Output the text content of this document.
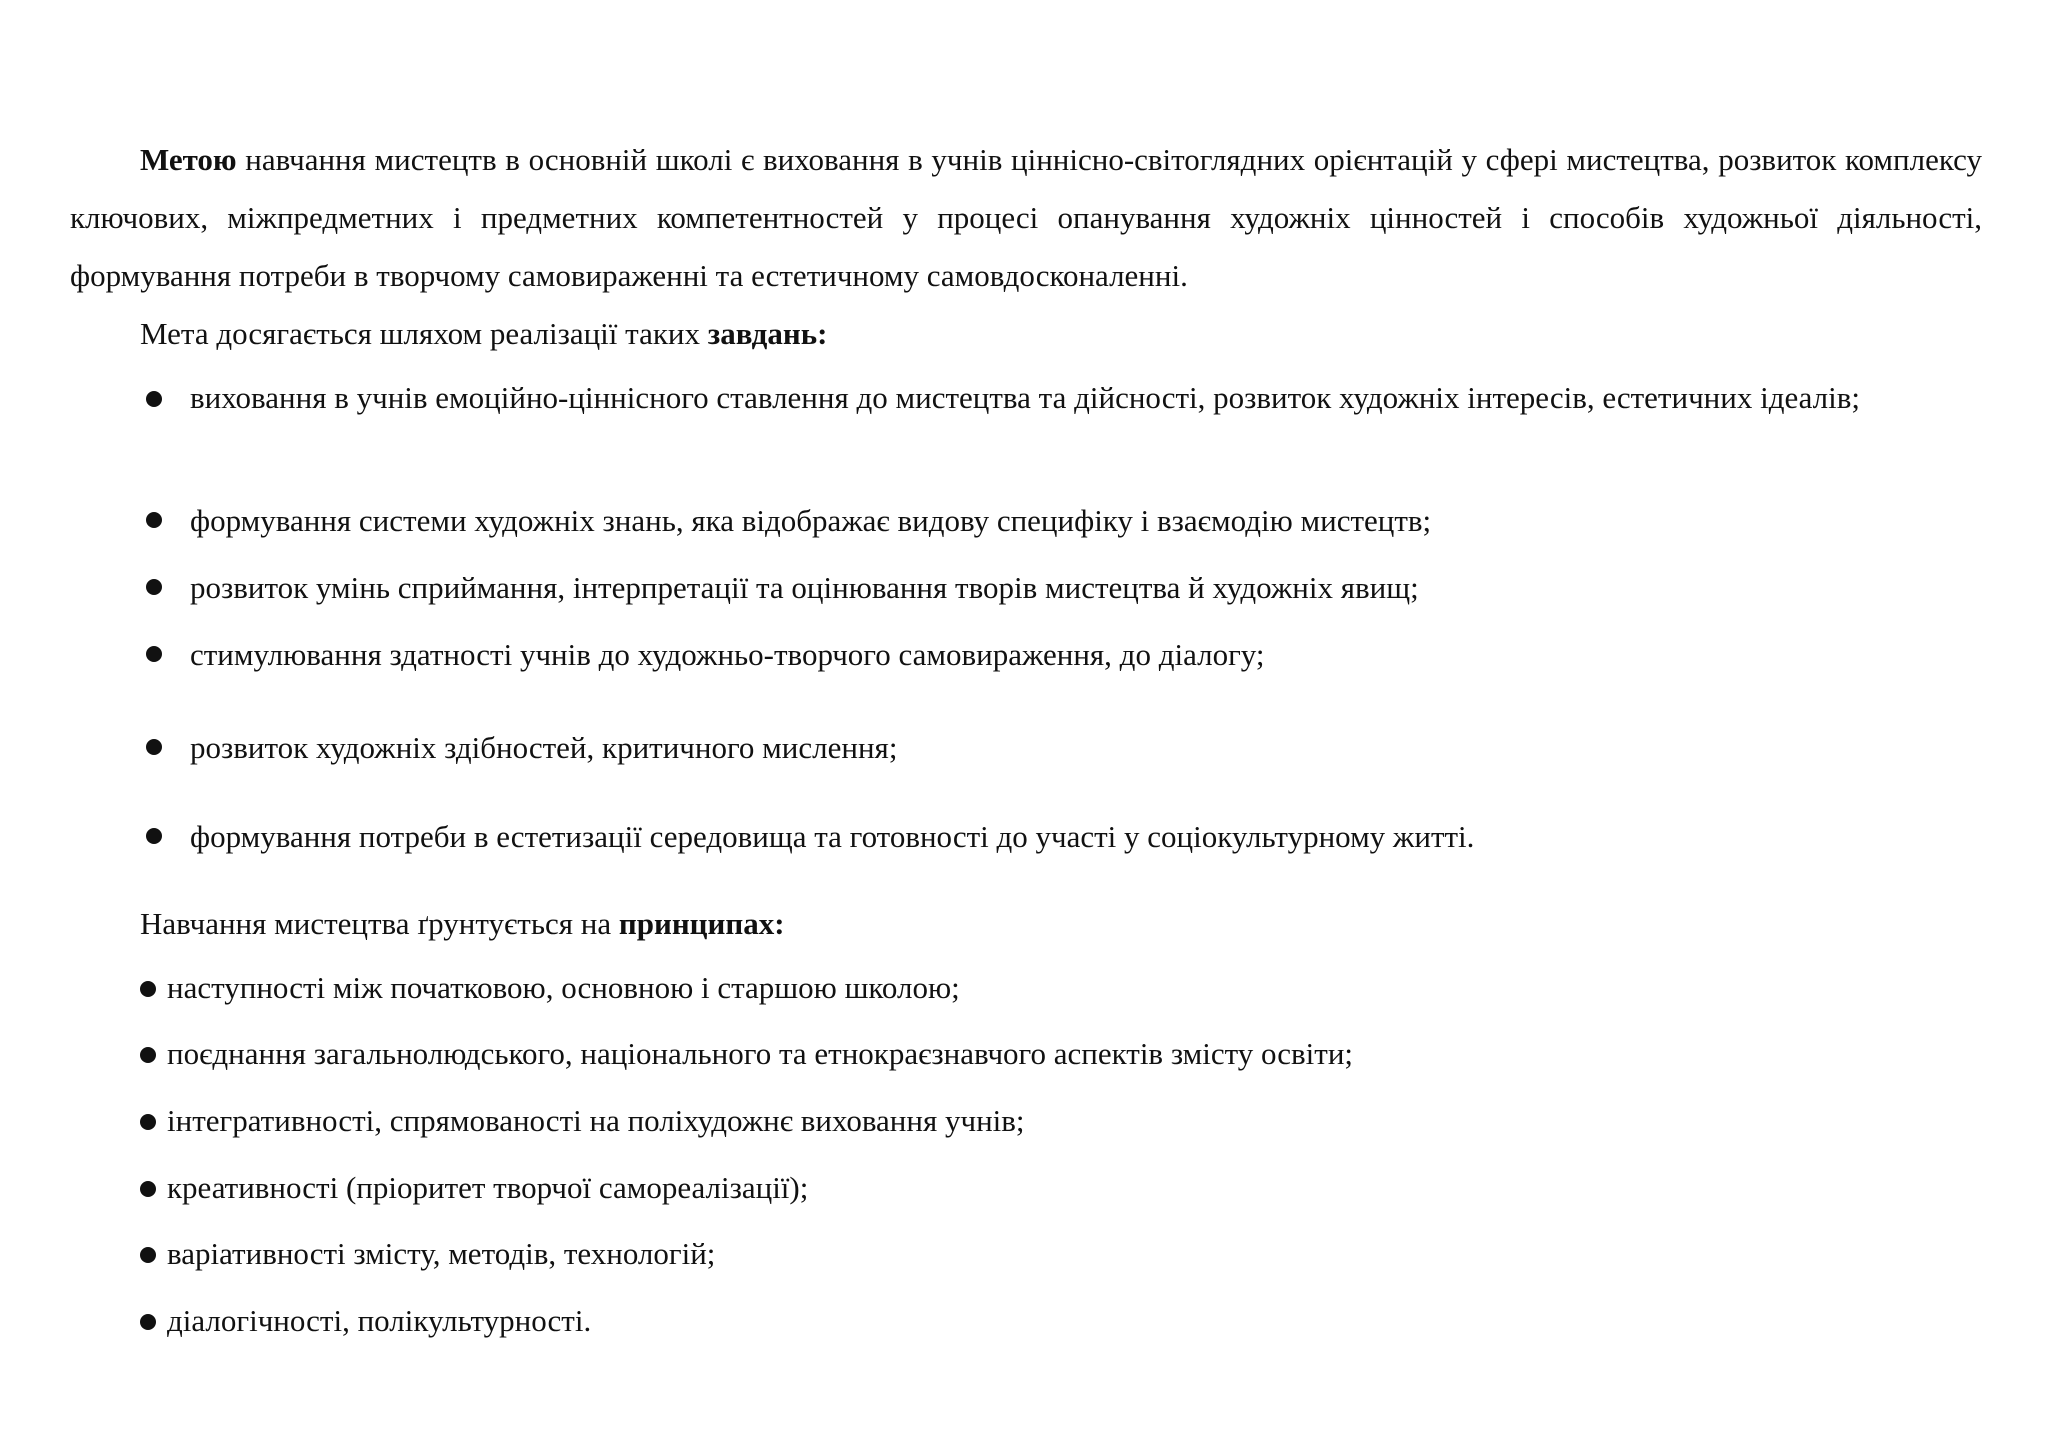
Метою навчання мистецтв в основній школі є виховання в учнів ціннісно-світоглядних орієнтацій у сфері мистецтва, розвиток комплексу ключових, міжпредметних і предметних компетентностей у процесі опанування художніх цінностей і способів художньої діяльності, формування потреби в творчому самовираженні та естетичному самовдосконаленні.

Мета досягається шляхом реалізації таких завдань:

виховання в учнів емоційно-ціннісного ставлення до мистецтва та дійсності, розвиток художніх інтересів, естетичних ідеалів;

формування системи художніх знань, яка відображає видову специфіку і взаємодію мистецтв;

розвиток умінь сприймання, інтерпретації та оцінювання творів мистецтва й художніх явищ;

стимулювання здатності учнів до художньо-творчого самовираження, до діалогу;

розвиток художніх здібностей, критичного мислення;

формування потреби в естетизації середовища та готовності до участі у соціокультурному житті.

Навчання мистецтва ґрунтується на принципах:

наступності між початковою, основною і старшою школою;

поєднання загальнолюдського, національного та етнокраєзнавчого аспектів змісту освіти;

інтегративності, спрямованості на поліхудожнє виховання учнів;

креативності (пріоритет творчої самореалізації);

варіативності змісту, методів, технологій;

діалогічності, полікультурності.
